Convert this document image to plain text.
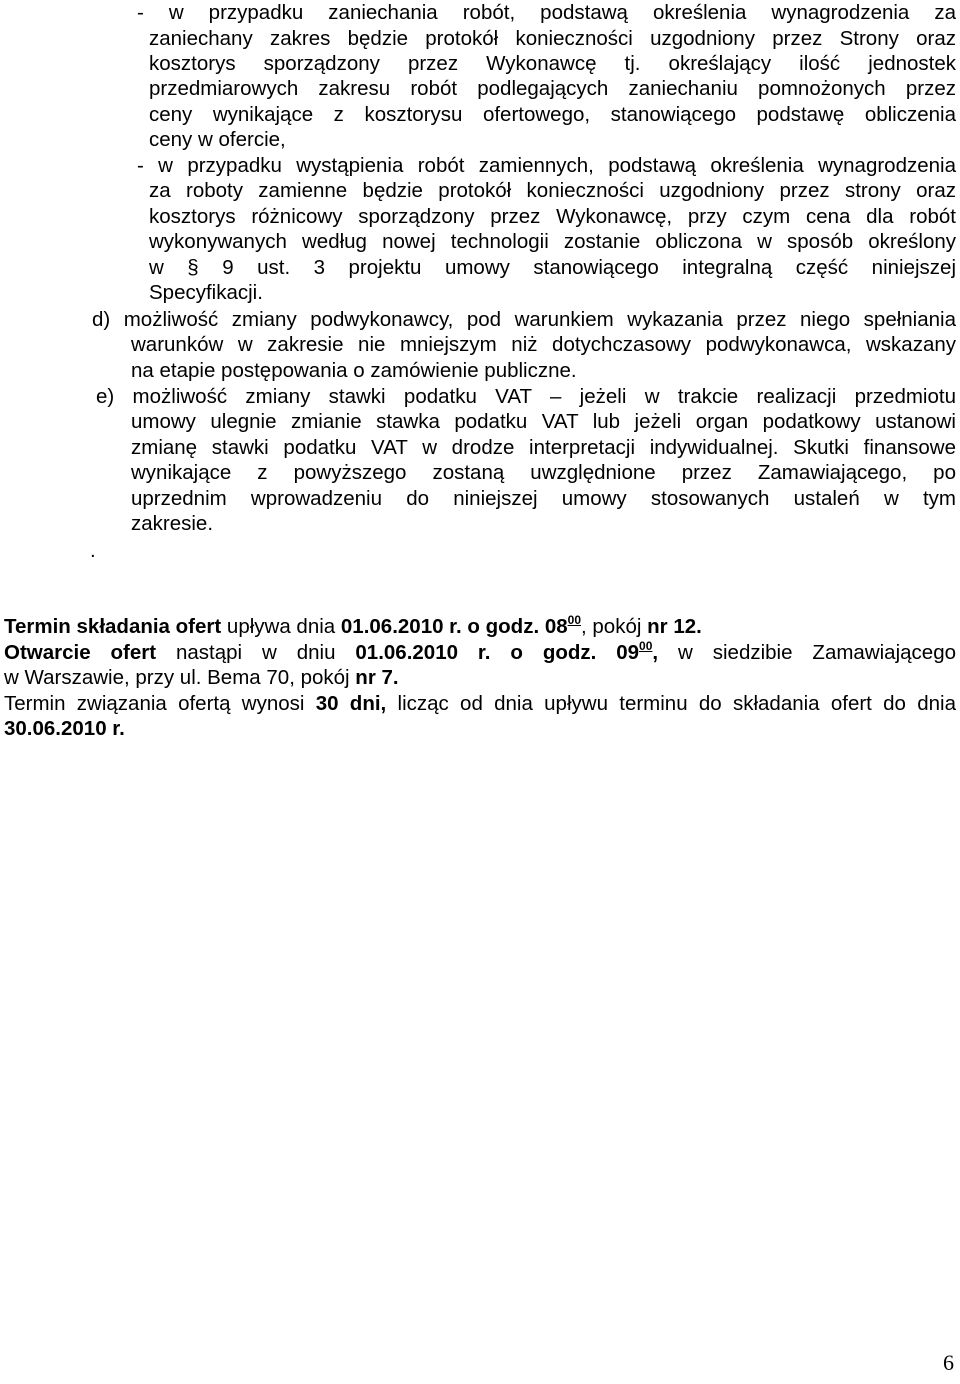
- w przypadku zaniechania robót, podstawą określenia wynagrodzenia za

zaniechany zakres będzie protokół konieczności uzgodniony przez Strony oraz

kosztorys sporządzony przez Wykonawcę tj. określający ilość jednostek

przedmiarowych zakresu robót podlegających zaniechaniu pomnożonych przez

ceny wynikające z kosztorysu ofertowego, stanowiącego podstawę obliczenia

ceny w ofercie,

- w przypadku wystąpienia robót zamiennych, podstawą określenia wynagrodzenia

za roboty zamienne będzie protokół konieczności uzgodniony przez strony oraz

kosztorys różnicowy sporządzony przez Wykonawcę, przy czym cena dla robót

wykonywanych według nowej technologii zostanie obliczona w sposób określony

w § 9 ust. 3 projektu umowy stanowiącego integralną część niniejszej

Specyfikacji.

d) możliwość zmiany podwykonawcy, pod warunkiem wykazania przez niego spełniania

warunków w zakresie nie mniejszym niż dotychczasowy podwykonawca, wskazany

na etapie postępowania o zamówienie publiczne.

e) możliwość zmiany stawki podatku VAT – jeżeli w trakcie realizacji przedmiotu

umowy ulegnie zmianie stawka podatku VAT lub jeżeli organ podatkowy ustanowi

zmianę stawki podatku VAT w drodze interpretacji indywidualnej. Skutki finansowe

wynikające z powyższego zostaną uwzględnione przez Zamawiającego, po

uprzednim wprowadzeniu do niniejszej umowy stosowanych ustaleń w tym

zakresie.

.

Termin składania ofert upływa dnia 01.06.2010 r. o godz. $08^{00}$, pokój nr 12.

Otwarcie ofert nastąpi w dniu 01.06.2010 r. o godz. $09^{00}$, w siedzibie Zamawiającego

w Warszawie, przy ul. Bema 70, pokój nr 7.

Termin związania ofertą wynosi 30 dni, licząc od dnia upływu terminu do składania ofert do dnia

30.06.2010 r.

6
